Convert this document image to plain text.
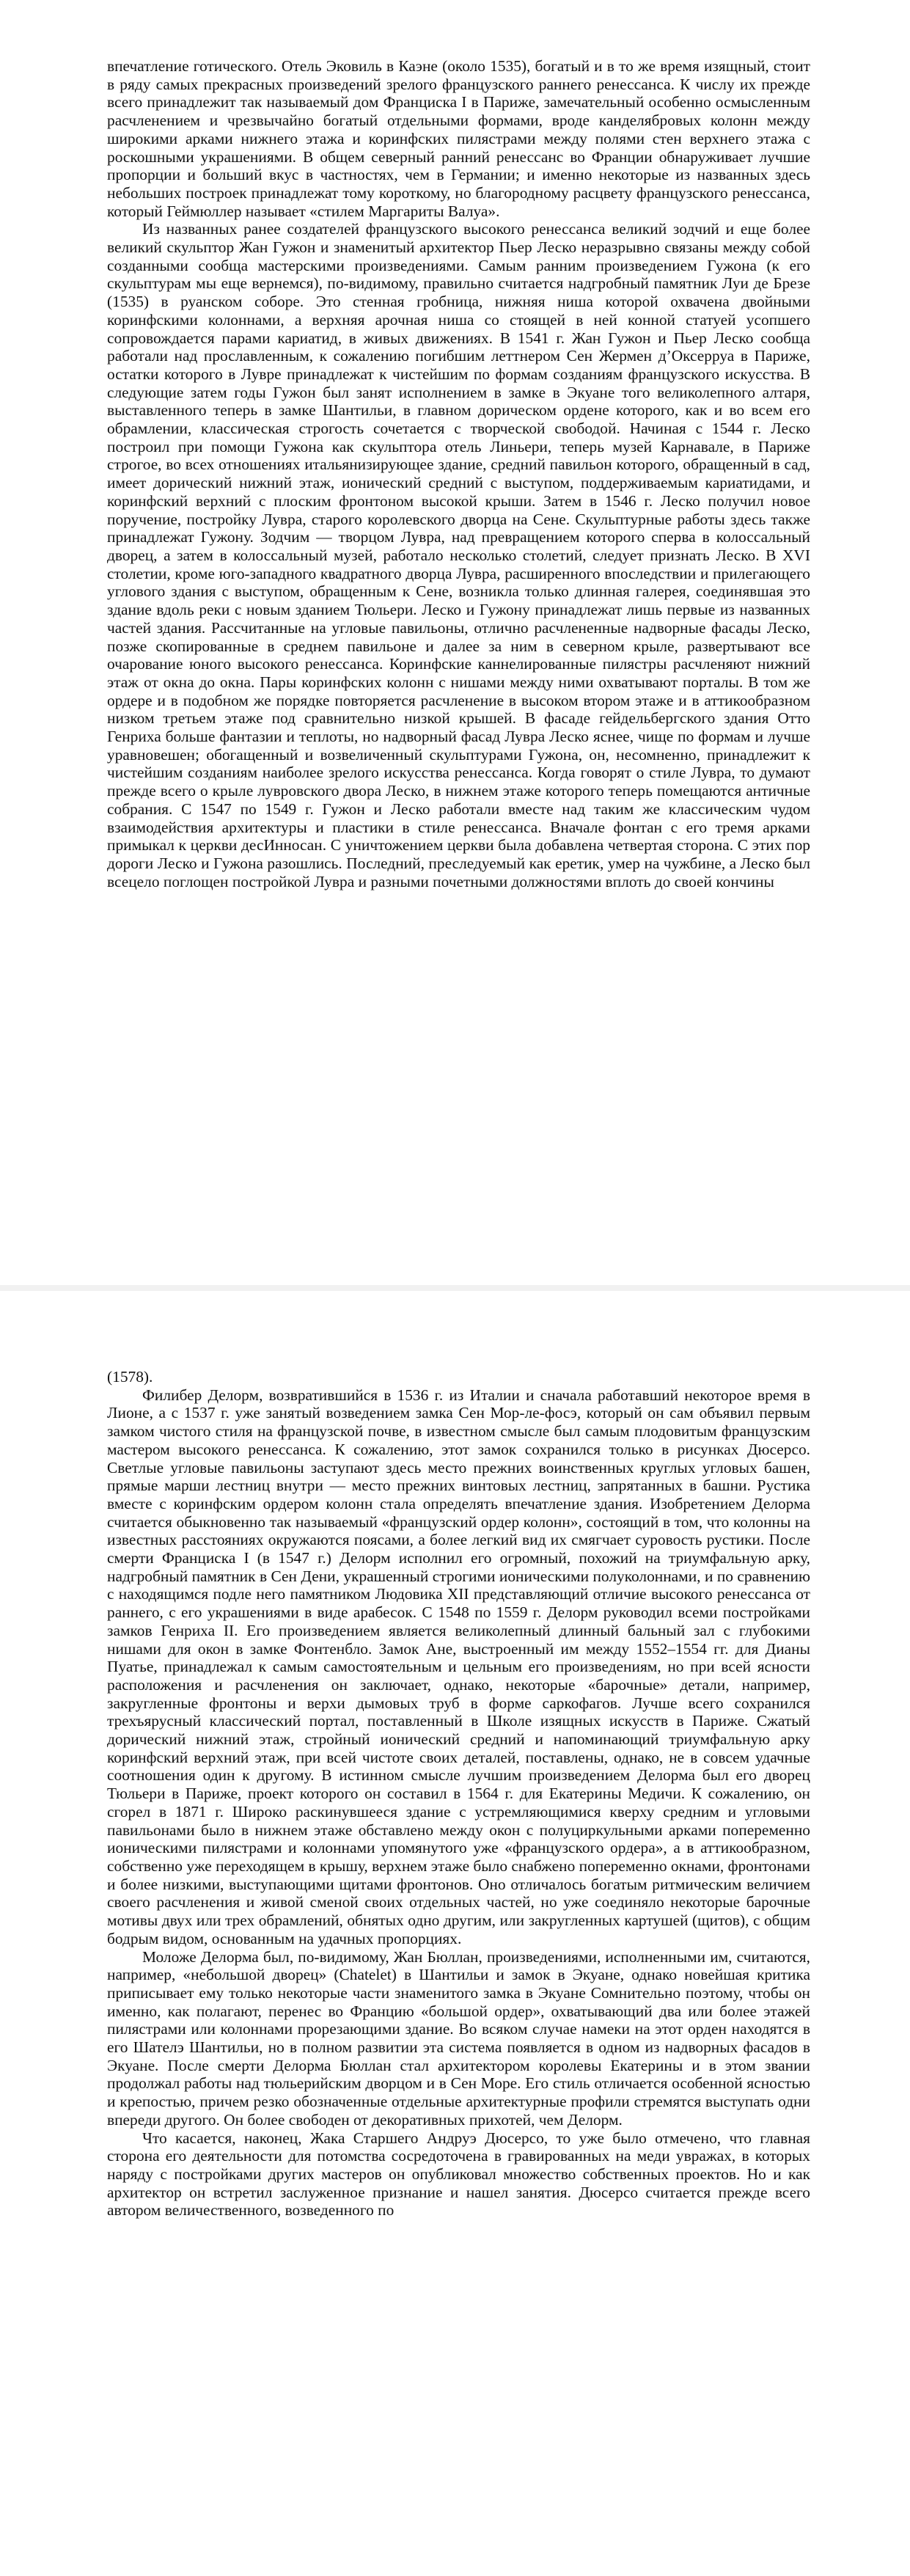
впечатление готического. Отель Эковиль в Каэне (около 1535), богатый и в то же время изящный, стоит в ряду самых прекрасных произведений зрелого французского раннего ренессанса. К числу их прежде всего принадлежит так называемый дом Франциска I в Париже, замечательный особенно осмысленным расчленением и чрезвычайно богатый отдельными формами, вроде канделябровых колонн между широкими арками нижнего этажа и коринфских пилястрами между полями стен верхнего этажа с роскошными украшениями. В общем северный ранний ренессанс во Франции обнаруживает лучшие пропорции и больший вкус в частностях, чем в Германии; и именно некоторые из названных здесь небольших построек принадлежат тому короткому, но благородному расцвету французского ренессанса, который Геймюллер называет «стилем Маргариты Валуа».

Из названных ранее создателей французского высокого ренессанса великий зодчий и еще более великий скульптор Жан Гужон и знаменитый архитектор Пьер Леско неразрывно связаны между собой созданными сообща мастерскими произведениями. Самым ранним произведением Гужона (к его скульптурам мы еще вернемся), по-видимому, правильно считается надгробный памятник Луи де Брезе (1535) в руанском соборе. Это стенная гробница, нижняя ниша которой охвачена двойными коринфскими колоннами, а верхняя арочная ниша со стоящей в ней конной статуей усопшего сопровождается парами кариатид, в живых движениях. В 1541 г. Жан Гужон и Пьер Леско сообща работали над прославленным, к сожалению погибшим леттнером Сен Жермен д’Оксерруа в Париже, остатки которого в Лувре принадлежат к чистейшим по формам созданиям французского искусства. В следующие затем годы Гужон был занят исполнением в замке в Экуане того великолепного алтаря, выставленного теперь в замке Шантильи, в главном дорическом ордене которого, как и во всем его обрамлении, классическая строгость сочетается с творческой свободой. Начиная с 1544 г. Леско построил при помощи Гужона как скульптора отель Линьери, теперь музей Карнавале, в Париже строгое, во всех отношениях итальянизирующее здание, средний павильон которого, обращенный в сад, имеет дорический нижний этаж, ионический средний с выступом, поддерживаемым кариатидами, и коринфский верхний с плоским фронтоном высокой крыши. Затем в 1546 г. Леско получил новое поручение, постройку Лувра, старого королевского дворца на Сене. Скульптурные работы здесь также принадлежат Гужону. Зодчим — творцом Лувра, над превращением которого сперва в колоссальный дворец, а затем в колоссальный музей, работало несколько столетий, следует признать Леско. В XVI столетии, кроме юго-западного квадратного дворца Лувра, расширенного впоследствии и прилегающего углового здания с выступом, обращенным к Сене, возникла только длинная галерея, соединявшая это здание вдоль реки с новым зданием Тюльери. Леско и Гужону принадлежат лишь первые из названных частей здания. Рассчитанные на угловые павильоны, отлично расчлененные надворные фасады Леско, позже скопированные в среднем павильоне и далее за ним в северном крыле, развертывают все очарование юного высокого ренессанса. Коринфские каннелированные пилястры расчленяют нижний этаж от окна до окна. Пары коринфских колонн с нишами между ними охватывают порталы. В том же ордере и в подобном же порядке повторяется расчленение в высоком втором этаже и в аттикообразном низком третьем этаже под сравнительно низкой крышей. В фасаде гейдельбергского здания Отто Генриха больше фантазии и теплоты, но надворный фасад Лувра Леско яснее, чище по формам и лучше уравновешен; обогащенный и возвеличенный скульптурами Гужона, он, несомненно, принадлежит к чистейшим созданиям наиболее зрелого искусства ренессанса. Когда говорят о стиле Лувра, то думают прежде всего о крыле лувровского двора Леско, в нижнем этаже которого теперь помещаются античные собрания. С 1547 по 1549 г. Гужон и Леско работали вместе над таким же классическим чудом взаимодействия архитектуры и пластики в стиле ренессанса. Вначале фонтан с его тремя арками примыкал к церкви десИнносан. С уничтожением церкви была добавлена четвертая сторона. С этих пор дороги Леско и Гужона разошлись. Последний, преследуемый как еретик, умер на чужбине, а Леско был всецело поглощен постройкой Лувра и разными почетными должностями вплоть до своей кончины

(1578).

Филибер Делорм, возвратившийся в 1536 г. из Италии и сначала работавший некоторое время в Лионе, а с 1537 г. уже занятый возведением замка Сен Мор-ле-фосэ, который он сам объявил первым замком чистого стиля на французской почве, в известном смысле был самым плодовитым французским мастером высокого ренессанса. К сожалению, этот замок сохранился только в рисунках Дюсерсо. Светлые угловые павильоны заступают здесь место прежних воинственных круглых угловых башен, прямые марши лестниц внутри — место прежних винтовых лестниц, запрятанных в башни. Рустика вместе с коринфским ордером колонн стала определять впечатление здания. Изобретением Делорма считается обыкновенно так называемый «французский ордер колонн», состоящий в том, что колонны на известных расстояниях окружаются поясами, а более легкий вид их смягчает суровость рустики. После смерти Франциска I (в 1547 г.) Делорм исполнил его огромный, похожий на триумфальную арку, надгробный памятник в Сен Дени, украшенный строгими ионическими полуколоннами, и по сравнению с находящимся подле него памятником Людовика XII представляющий отличие высокого ренессанса от раннего, с его украшениями в виде арабесок. С 1548 по 1559 г. Делорм руководил всеми постройками замков Генриха II. Его произведением является великолепный длинный бальный зал с глубокими нишами для окон в замке Фонтенбло. Замок Ане, выстроенный им между 1552–1554 гг. для Дианы Пуатье, принадлежал к самым самостоятельным и цельным его произведениям, но при всей ясности расположения и расчленения он заключает, однако, некоторые «барочные» детали, например, закругленные фронтоны и верхи дымовых труб в форме саркофагов. Лучше всего сохранился трехъярусный классический портал, поставленный в Школе изящных искусств в Париже. Сжатый дорический нижний этаж, стройный ионический средний и напоминающий триумфальную арку коринфский верхний этаж, при всей чистоте своих деталей, поставлены, однако, не в совсем удачные соотношения один к другому. В истинном смысле лучшим произведением Делорма был его дворец Тюльери в Париже, проект которого он составил в 1564 г. для Екатерины Медичи. К сожалению, он сгорел в 1871 г. Широко раскинувшееся здание с устремляющимися кверху средним и угловыми павильонами было в нижнем этаже обставлено между окон с полуциркульными арками попеременно ионическими пилястрами и колоннами упомянутого уже «французского ордера», а в аттикообразном, собственно уже переходящем в крышу, верхнем этаже было снабжено попеременно окнами, фронтонами и более низкими, выступающими щитами фронтонов. Оно отличалось богатым ритмическим величием своего расчленения и живой сменой своих отдельных частей, но уже соединяло некоторые барочные мотивы двух или трех обрамлений, обнятых одно другим, или закругленных картушей (щитов), с общим бодрым видом, основанным на удачных пропорциях.

Моложе Делорма был, по-видимому, Жан Бюллан, произведениями, исполненными им, считаются, например, «небольшой дворец» (Chatelet) в Шантильи и замок в Экуане, однако новейшая критика приписывает ему только некоторые части знаменитого замка в Экуане Сомнительно поэтому, чтобы он именно, как полагают, перенес во Францию «большой ордер», охватывающий два или более этажей пилястрами или колоннами прорезающими здание. Во всяком случае намеки на этот орден находятся в его Шателэ Шантильи, но в полном развитии эта система появляется в одном из надворных фасадов в Экуане. После смерти Делорма Бюллан стал архитектором королевы Екатерины и в этом звании продолжал работы над тюльерийским дворцом и в Сен Море. Его стиль отличается особенной ясностью и крепостью, причем резко обозначенные отдельные архитектурные профили стремятся выступать одни впереди другого. Он более свободен от декоративных прихотей, чем Делорм.

Что касается, наконец, Жака Старшего Андруэ Дюсерсо, то уже было отмечено, что главная сторона его деятельности для потомства сосредоточена в гравированных на меди увражах, в которых наряду с постройками других мастеров он опубликовал множество собственных проектов. Но и как архитектор он встретил заслуженное признание и нашел занятия. Дюсерсо считается прежде всего автором величественного, возведенного по
